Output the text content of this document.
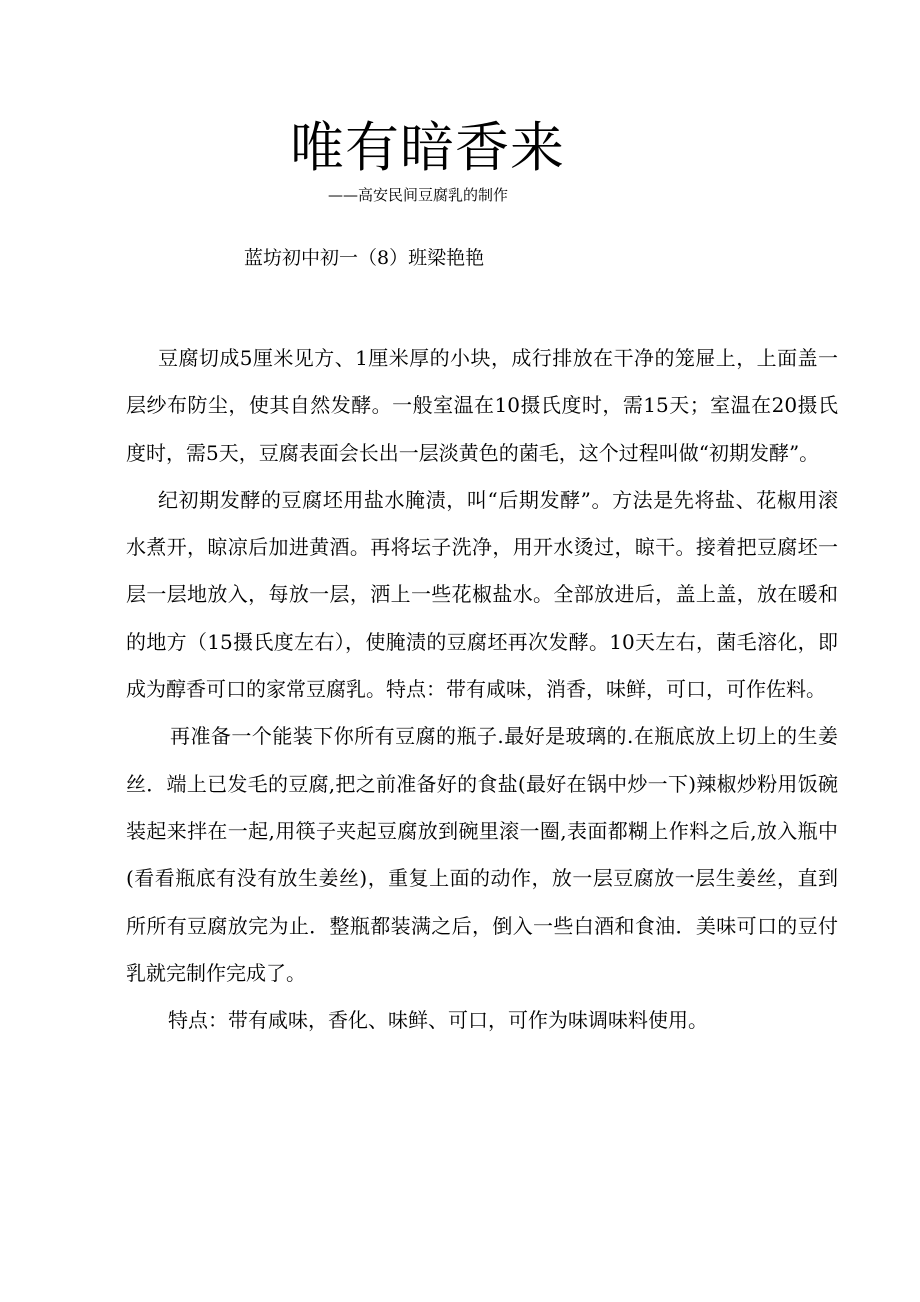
唯有暗香来
——高安民间豆腐乳的制作
蓝坊初中初一（8）班梁艳艳

豆腐切成5厘米见方、1厘米厚的小块，成行排放在干净的笼屉上，上面盖一层纱布防尘，使其自然发酵。一般室温在10摄氏度时，需15天；室温在20摄氏度时，需5天，豆腐表面会长出一层淡黄色的菌毛，这个过程叫做“初期发酵”。

纪初期发酵的豆腐坯用盐水腌渍，叫“后期发酵”。方法是先将盐、花椒用滚水煮开，晾凉后加进黄酒。再将坛子洗净，用开水烫过，晾干。接着把豆腐坯一层一层地放入，每放一层，洒上一些花椒盐水。全部放进后，盖上盖，放在暖和的地方（15摄氏度左右），使腌渍的豆腐坯再次发酵。10天左右，菌毛溶化，即成为醇香可口的家常豆腐乳。特点：带有咸味，消香，味鲜，可口，可作佐料。

再准备一个能装下你所有豆腐的瓶子.最好是玻璃的.在瓶底放上切上的生姜丝．端上已发毛的豆腐,把之前准备好的食盐(最好在锅中炒一下)辣椒炒粉用饭碗装起来拌在一起,用筷子夹起豆腐放到碗里滚一圈,表面都糊上作料之后,放入瓶中(看看瓶底有没有放生姜丝)，重复上面的动作，放一层豆腐放一层生姜丝，直到所所有豆腐放完为止．整瓶都装满之后，倒入一些白酒和食油．美味可口的豆付乳就完制作完成了。

特点：带有咸味，香化、味鲜、可口，可作为味调味料使用。
